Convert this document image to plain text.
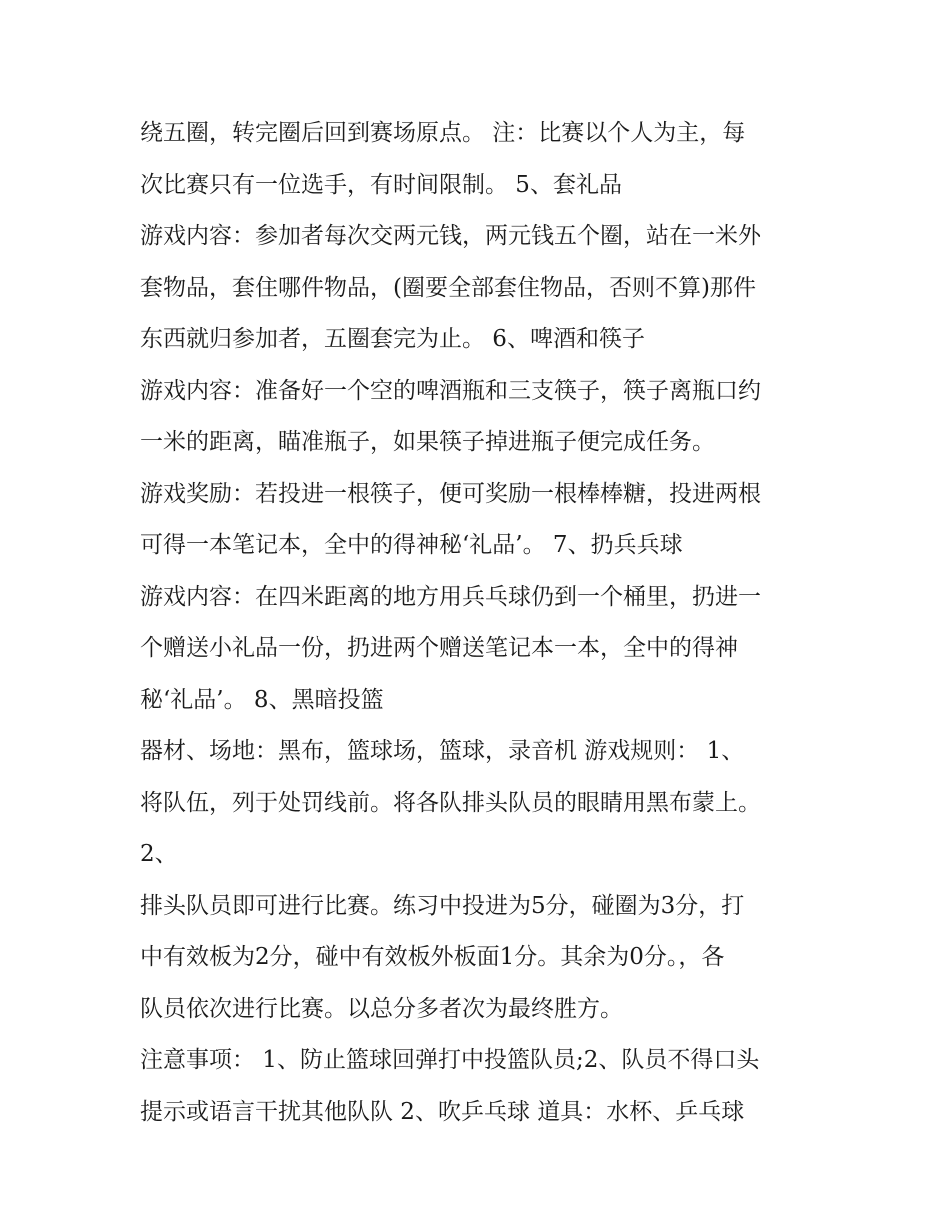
绕五圈，转完圈后回到赛场原点。 注：比赛以个人为主，每
次比赛只有一位选手，有时间限制。 5、套礼品
游戏内容：参加者每次交两元钱，两元钱五个圈，站在一米外
套物品，套住哪件物品，(圈要全部套住物品，否则不算)那件
东西就归参加者，五圈套完为止。 6、啤酒和筷子
游戏内容：准备好一个空的啤酒瓶和三支筷子，筷子离瓶口约
一米的距离，瞄准瓶子，如果筷子掉进瓶子便完成任务。
游戏奖励：若投进一根筷子，便可奖励一根棒棒糖，投进两根
可得一本笔记本，全中的得神秘‘礼品’。 7、扔兵兵球
游戏内容：在四米距离的地方用兵乓球仍到一个桶里，扔进一
个赠送小礼品一份，扔进两个赠送笔记本一本，全中的得神
秘‘礼品’。 8、黑暗投篮
器材、场地：黑布，篮球场，篮球，录音机 游戏规则： 1、
将队伍，列于处罚线前。将各队排头队员的眼睛用黑布蒙上。
2、
排头队员即可进行比赛。练习中投进为5分，碰圈为3分，打
中有效板为2分，碰中有效板外板面1分。其余为0分。，各
队员依次进行比赛。以总分多者次为最终胜方。
注意事项： 1、防止篮球回弹打中投篮队员;2、队员不得口头
提示或语言干扰其他队队 2、吹乒乓球 道具：水杯、乒乓球
